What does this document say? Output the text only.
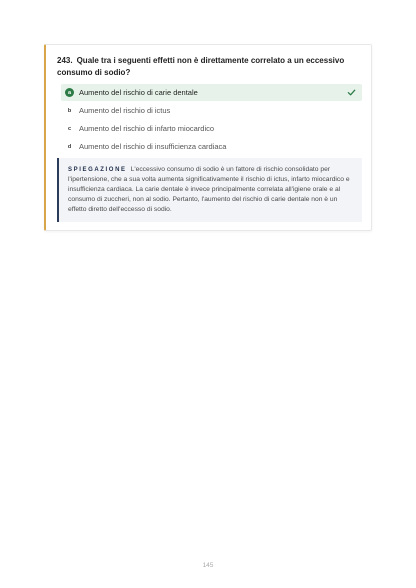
243. Quale tra i seguenti effetti non è direttamente correlato a un eccessivo consumo di sodio?
a	Aumento del rischio di carie dentale
b	Aumento del rischio di ictus
c	Aumento del rischio di infarto miocardico
d	Aumento del rischio di insufficienza cardiaca
SPIEGAZIONE L'eccessivo consumo di sodio è un fattore di rischio consolidato per l'ipertensione, che a sua volta aumenta significativamente il rischio di ictus, infarto miocardico e insufficienza cardiaca. La carie dentale è invece principalmente correlata all'igiene orale e al consumo di zuccheri, non al sodio. Pertanto, l'aumento del rischio di carie dentale non è un effetto diretto dell'eccesso di sodio.
145
